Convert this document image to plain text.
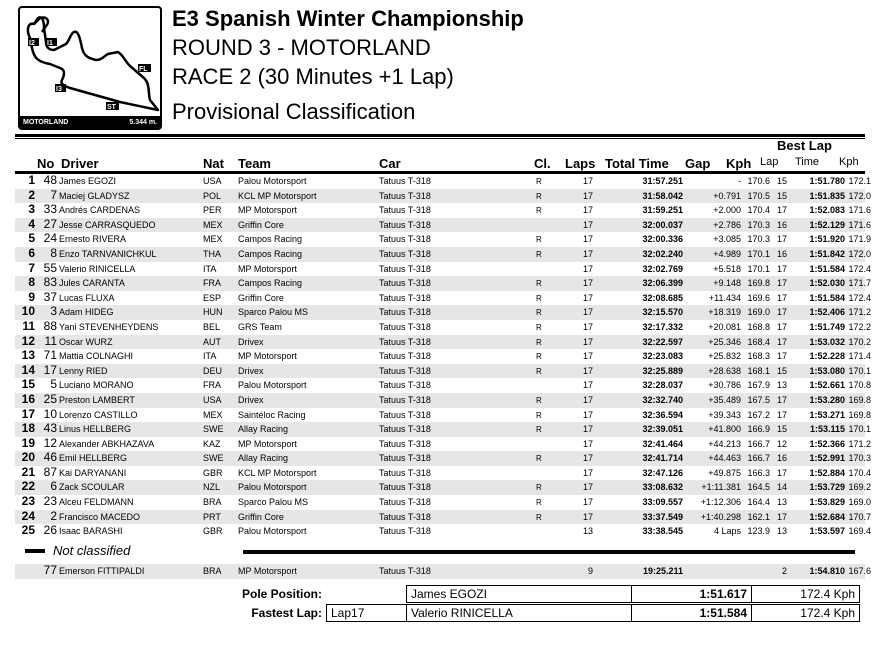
I2 I1
FL
I3
ST
MOTORLAND	5.344 m.
E3 Spanish Winter Championship
ROUND 3 - MOTORLAND
RACE 2 (30 Minutes +1 Lap)
Provisional Classification
No Driver	Nat Team	Car	Cl. Laps Total Time Gap Kph
Best Lap
Lap Time Kph
1 48 James EGOZI	USA Palou Motorsport	Tatuus T-318	R	17	31:57.251	- 170.6 15	1:51.780 172.1
2	7 Maciej GLADYSZ	POL KCL MP Motorsport	Tatuus T-318	R	17	31:58.042	+0.791 170.5 15	1:51.835 172.0
3 33 Andrés CARDENAS	PER MP Motorsport	Tatuus T-318	R	17	31:59.251	+2.000 170.4 17	1:52.083 171.6
4 27 Jesse CARRASQUEDO	MEX Griffin Core	Tatuus T-318	17	32:00.037	+2.786 170.3 16	1:52.129 171.6
5 24 Ernesto RIVERA	MEX Campos Racing	Tatuus T-318	R	17	32:00.336	+3.085 170.3 17	1:51.920 171.9
6	8 Enzo TARNVANICHKUL	THA Campos Racing	Tatuus T-318	R	17	32:02.240	+4.989 170.1 16	1:51.842 172.0
7 55 Valerio RINICELLA	ITA MP Motorsport	Tatuus T-318	17	32:02.769	+5.518 170.1 17	1:51.584 172.4
8 83 Jules CARANTA	FRA Campos Racing	Tatuus T-318	R	17	32:06.399	+9.148 169.8 17	1:52.030 171.7
9 37 Lucas FLUXA	ESP Griffin Core	Tatuus T-318	R	17	32:08.685	+11.434 169.6 17	1:51.584 172.4
10	3 Adam HIDEG	HUN Sparco Palou MS	Tatuus T-318	R	17	32:15.570	+18.319 169.0 17	1:52.406 171.2
11 88 Yani STEVENHEYDENS	BEL GRS Team	Tatuus T-318	R	17	32:17.332	+20.081 168.8 17	1:51.749 172.2
12 11 Oscar WURZ	AUT Drivex	Tatuus T-318	R	17	32:22.597	+25.346 168.4 17	1:53.032 170.2
13 71 Mattia COLNAGHI	ITA MP Motorsport	Tatuus T-318	R	17	32:23.083	+25.832 168.3 17	1:52.228 171.4
14 17 Lenny RIED	DEU Drivex	Tatuus T-318	R	17	32:25.889	+28.638 168.1 15	1:53.080 170.1
15	5 Luciano MORANO	FRA Palou Motorsport	Tatuus T-318	17	32:28.037	+30.786 167.9 13	1:52.661 170.8
16 25 Preston LAMBERT	USA Drivex	Tatuus T-318	R	17	32:32.740	+35.489 167.5 17	1:53.280 169.8
17 10 Lorenzo CASTILLO	MEX Saintéloc Racing	Tatuus T-318	R	17	32:36.594	+39.343 167.2 17	1:53.271 169.8
18 43 Linus HELLBERG	SWE Allay Racing	Tatuus T-318	R	17	32:39.051	+41.800 166.9 15	1:53.115 170.1
19 12 Alexander ABKHAZAVA	KAZ MP Motorsport	Tatuus T-318	17	32:41.464	+44.213 166.7 12	1:52.366 171.2
20 46 Emil HELLBERG	SWE Allay Racing	Tatuus T-318	R	17	32:41.714	+44.463 166.7 16	1:52.991 170.3
21 87 Kai DARYANANI	GBR KCL MP Motorsport	Tatuus T-318	17	32:47.126	+49.875 166.3 17	1:52.884 170.4
22	6 Zack SCOULAR	NZL Palou Motorsport	Tatuus T-318	R	17	33:08.632	+1:11.381 164.5 14	1:53.729 169.2
23 23 Alceu FELDMANN	BRA Sparco Palou MS	Tatuus T-318	R	17	33:09.557	+1:12.306 164.4 13	1:53.829 169.0
24	2 Francisco MACEDO	PRT Griffin Core	Tatuus T-318	R	17	33:37.549	+1:40.298 162.1 17	1:52.684 170.7
25 26 Isaac BARASHI	GBR Palou Motorsport	Tatuus T-318	13	33:38.545	4 Laps 123.9 13	1:53.597 169.4
Not classified
77 Emerson FITTIPALDI	BRA MP Motorsport	Tatuus T-318	9	19:25.211	2	1:54.810 167.6
Pole Position:	James EGOZI	1:51.617	172.4 Kph
Fastest Lap: Lap17	Valerio RINICELLA	1:51.584	172.4 Kph
